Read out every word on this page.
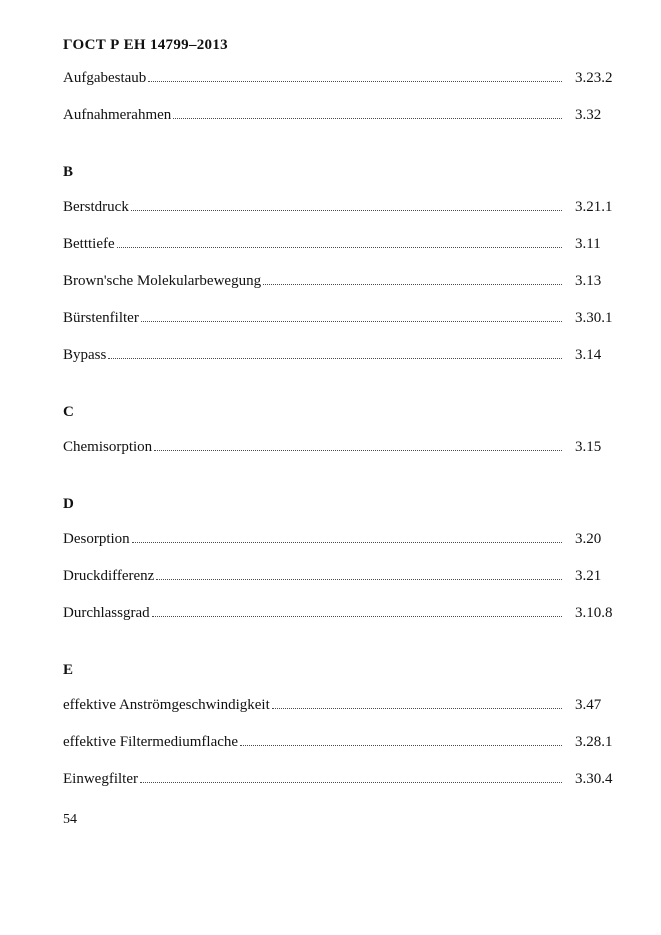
ГОСТ Р ЕН 14799–2013
Aufgabestaub	3.23.2
Aufnahmerahmen	3.32
B
Berstdruck	3.21.1
Betttiefe	3.11
Brown'sche Molekularbewegung	3.13
Bürstenfilter	3.30.1
Bypass	3.14
C
Chemisorption	3.15
D
Desorption	3.20
Druckdifferenz	3.21
Durchlassgrad	3.10.8
E
effektive Anströmgeschwindigkeit	3.47
effektive Filtermediumflache	3.28.1
Einwegfilter	3.30.4
54
